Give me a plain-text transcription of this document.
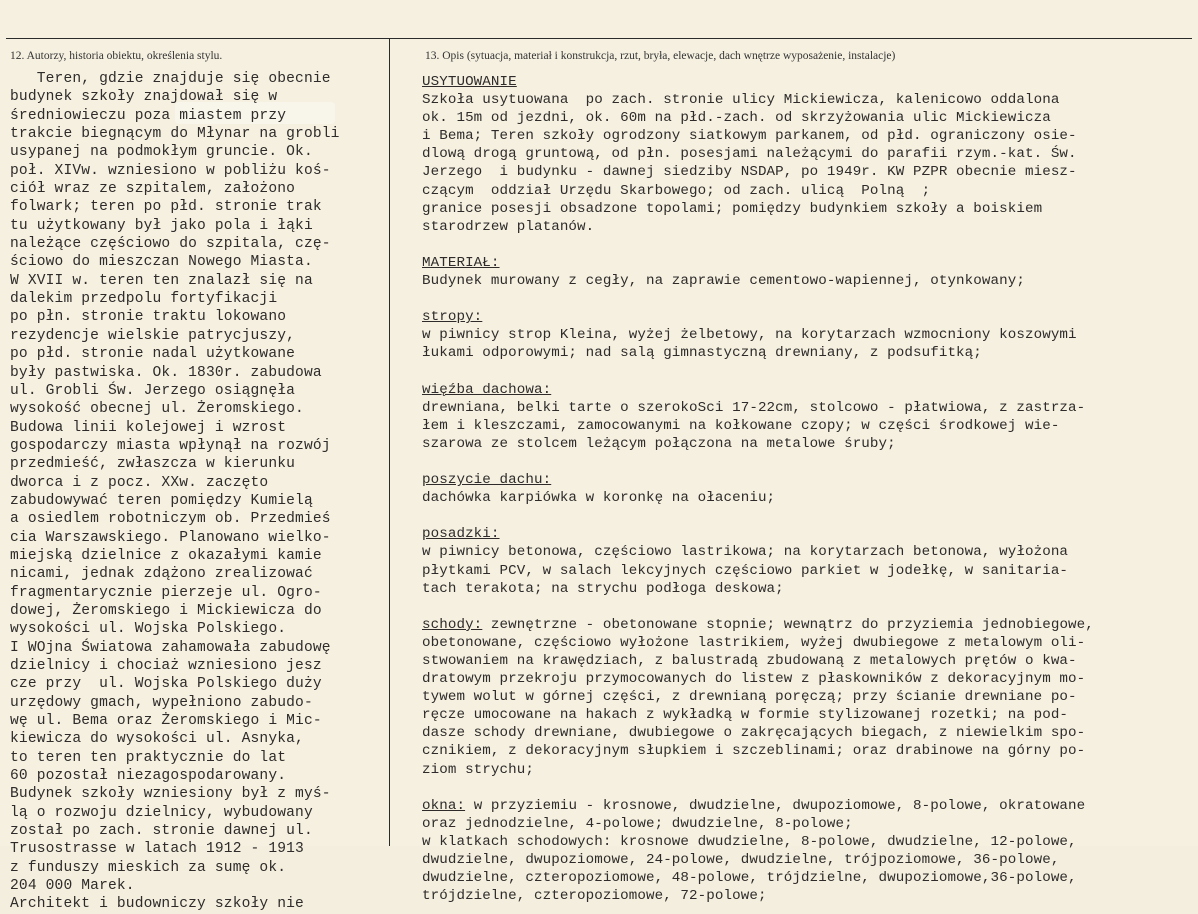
12. Autorzy, historia obiektu, określenia stylu.	13. Opis (sytuacja, materiał i konstrukcja, rzut, bryła, elewacje, dach wnętrze wyposażenie, instalacje)
Teren, gdzie znajduje się obecnie
budynek szkoły znajdował się w
średniowieczu poza miastem przy
trakcie biegnącym do Młynar na grobli
usypanej na podmokłym gruncie. Ok.
poł. XIVw. wzniesiono w pobliżu koś-
ciół wraz ze szpitalem, założono
folwark; teren po płd. stronie trak
tu użytkowany był jako pola i łąki
należące częściowo do szpitala, czę-
ściowo do mieszczan Nowego Miasta.
W XVII w. teren ten znalazł się na
dalekim przedpolu fortyfikacji
po płn. stronie traktu lokowano
rezydencje wielskie patrycjuszy,
po płd. stronie nadal użytkowane
były pastwiska. Ok. 1830r. zabudowa
ul. Grobli Św. Jerzego osiągnęła
wysokość obecnej ul. Żeromskiego.
Budowa linii kolejowej i wzrost
gospodarczy miasta wpłynął na rozwój
przedmieść, zwłaszcza w kierunku
dworca i z pocz. XXw. zaczęto
zabudowywać teren pomiędzy Kumielą
a osiedlem robotniczym ob. Przedmieś
cia Warszawskiego. Planowano wielko-
miejską dzielnice z okazałymi kamie
nicami, jednak zdążono zrealizować
fragmentarycznie pierzeje ul. Ogro-
dowej, Żeromskiego i Mickiewicza do
wysokości ul. Wojska Polskiego.
I WOjna Światowa zahamowała zabudowę
dzielnicy i chociaż wzniesiono jesz
cze przy  ul. Wojska Polskiego duży
urzędowy gmach, wypełniono zabudo-
wę ul. Bema oraz Żeromskiego i Mic-
kiewicza do wysokości ul. Asnyka,
to teren ten praktycznie do lat
60 pozostał niezagospodarowany.
Budynek szkoły wzniesiony był z myś-
lą o rozwoju dzielnicy, wybudowany
został po zach. stronie dawnej ul.
Trusostrasse w latach 1912 - 1913
z funduszy mieskich za sumę ok.
204 000 Marek.
Architekt i budowniczy szkoły nie
USYTUOWANIE
Szkoła usytuowana  po zach. stronie ulicy Mickiewicza, kalenicowo oddalona
ok. 15m od jezdni, ok. 60m na płd.-zach. od skrzyżowania ulic Mickiewicza
i Bema; Teren szkoły ogrodzony siatkowym parkanem, od płd. ograniczony osie-
dlową drogą gruntową, od płn. posesjami należącymi do parafii rzym.-kat. Św.
Jerzego  i budynku - dawnej siedziby NSDAP, po 1949r. KW PZPR obecnie miesz-
czącym  oddział Urzędu Skarbowego; od zach. ulicą  Polną  ;
granice posesji obsadzone topolami; pomiędzy budynkiem szkoły a boiskiem
starodrzew platanów.
MATERIAŁ:
Budynek murowany z cegły, na zaprawie cementowo-wapiennej, otynkowany;
stropy:
w piwnicy strop Kleina, wyżej żelbetowy, na korytarzach wzmocniony koszowymi
łukami odporowymi; nad salą gimnastyczną drewniany, z podsufitką;
więźba dachowa:
drewniana, belki tarte o szerokoSci 17-22cm, stolcowo - płatwiowa, z zastrza-
łem i kleszczami, zamocowanymi na kołkowane czopy; w części środkowej wie-
szarowa ze stolcem leżącym połączona na metalowe śruby;
poszycie dachu:
dachówka karpiówka w koronkę na ołaceniu;
posadzki:
w piwnicy betonowa, częściowo lastrikowa; na korytarzach betonowa, wyłożona
płytkami PCV, w salach lekcyjnych częściowo parkiet w jodełkę, w sanitaria-
tach terakota; na strychu podłoga deskowa;
schody: zewnętrzne - obetonowane stopnie; wewnątrz do przyziemia jednobiegowe,
obetonowane, częściowo wyłożone lastrikiem, wyżej dwubiegowe z metalowym oli-
stwowaniem na krawędziach, z balustradą zbudowaną z metalowych prętów o kwa-
dratowym przekroju przymocowanych do listew z płaskowników z dekoracyjnym mo-
tywem wolut w górnej części, z drewnianą poręczą; przy ścianie drewniane po-
ręcze umocowane na hakach z wykładką w formie stylizowanej rozetki; na pod-
dasze schody drewniane, dwubiegowe o zakręcających biegach, z niewielkim spo-
cznikiem, z dekoracyjnym słupkiem i szczeblinami; oraz drabinowe na górny po-
ziom strychu;
okna: w przyziemiu - krosnowe, dwudzielne, dwupoziomowe, 8-polowe, okratowane
oraz jednodzielne, 4-polowe; dwudzielne, 8-polowe;
w klatkach schodowych: krosnowe dwudzielne, 8-polowe, dwudzielne, 12-polowe,
dwudzielne, dwupoziomowe, 24-polowe, dwudzielne, trójpoziomowe, 36-polowe,
dwudzielne, czteropoziomowe, 48-polowe, trójdzielne, dwupoziomowe,36-polowe,
trójdzielne, czteropoziomowe, 72-polowe;
